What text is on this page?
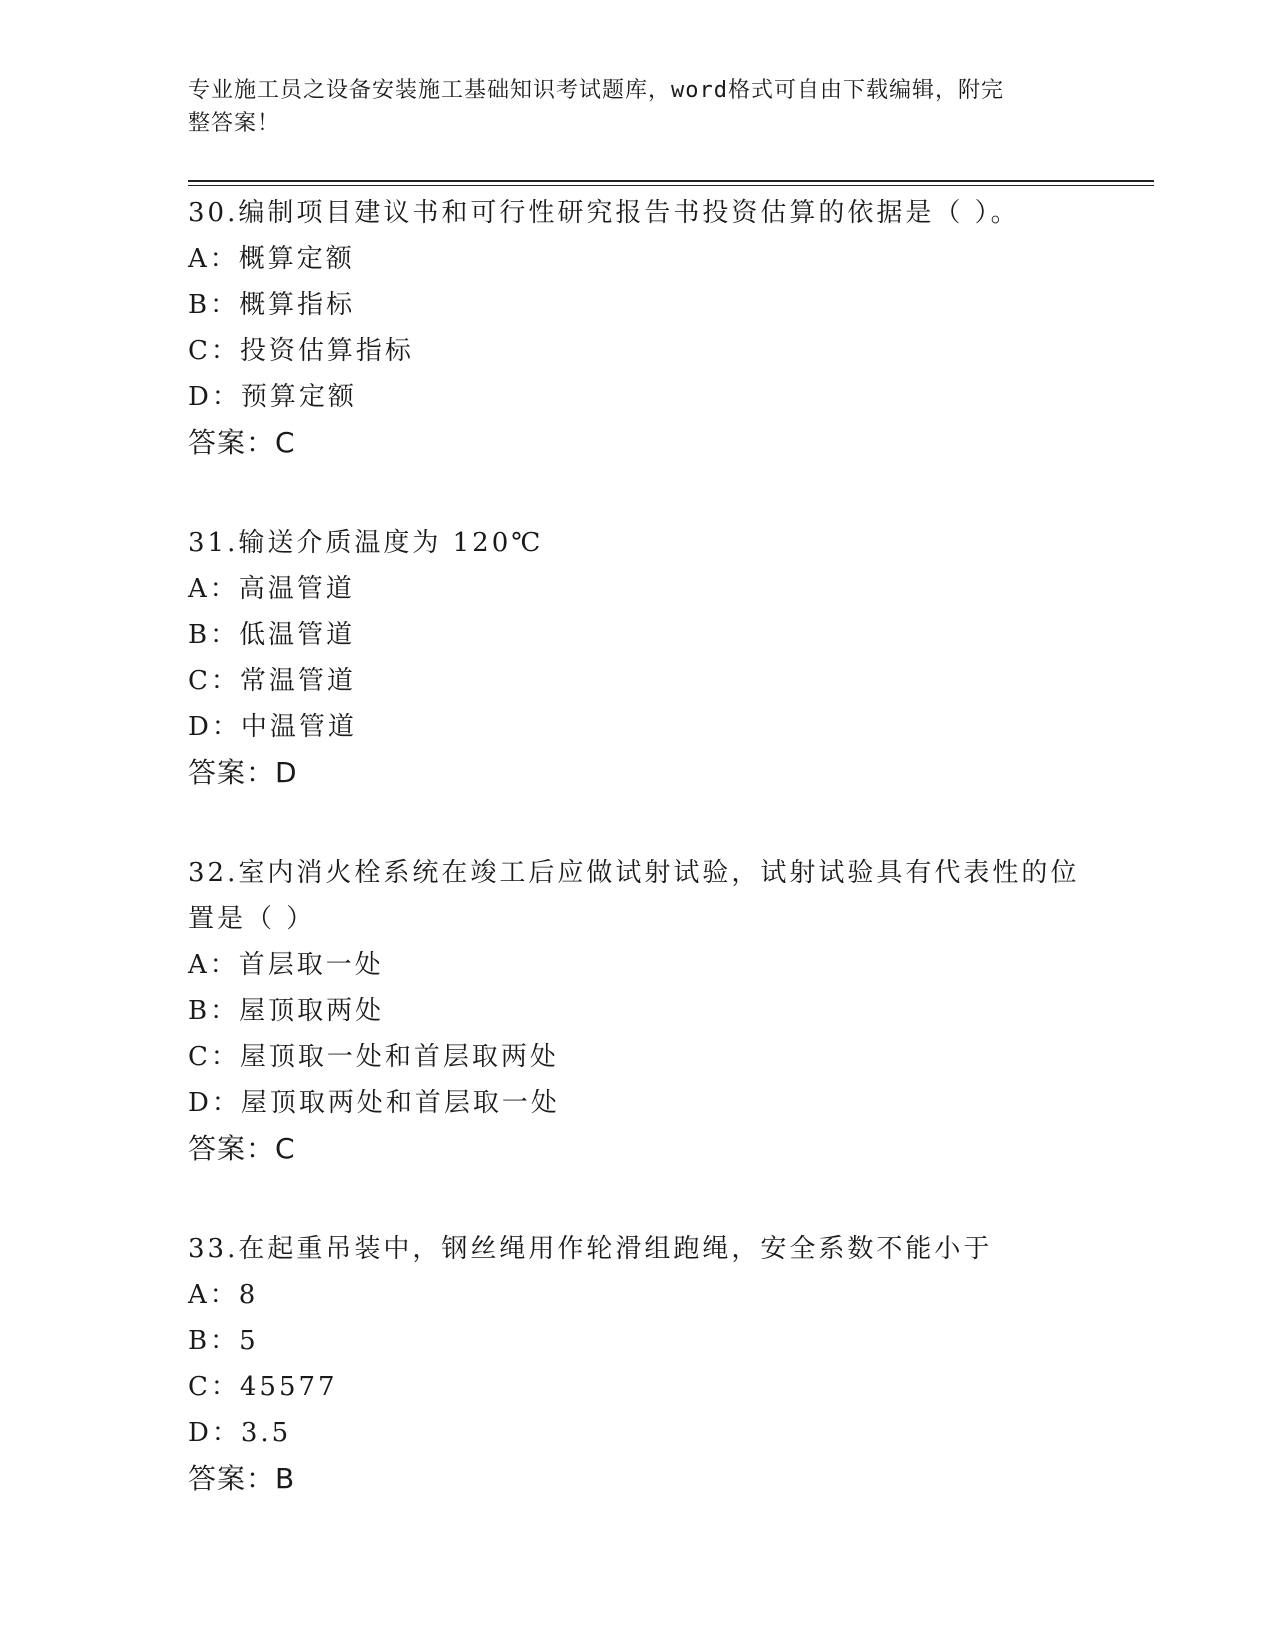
专业施工员之设备安装施工基础知识考试题库，word格式可自由下载编辑，附完
整答案！

30.编制项目建议书和可行性研究报告书投资估算的依据是（ ）。

A：概算定额

B：概算指标

C：投资估算指标

D：预算定额

答案：C

31.输送介质温度为 120℃

A：高温管道

B：低温管道

C：常温管道

D：中温管道

答案：D

32.室内消火栓系统在竣工后应做试射试验，试射试验具有代表性的位

置是（ ）

A：首层取一处

B：屋顶取两处

C：屋顶取一处和首层取两处

D：屋顶取两处和首层取一处

答案：C

33.在起重吊装中，钢丝绳用作轮滑组跑绳，安全系数不能小于

A：8

B：5

C：45577

D：3.5

答案：B
